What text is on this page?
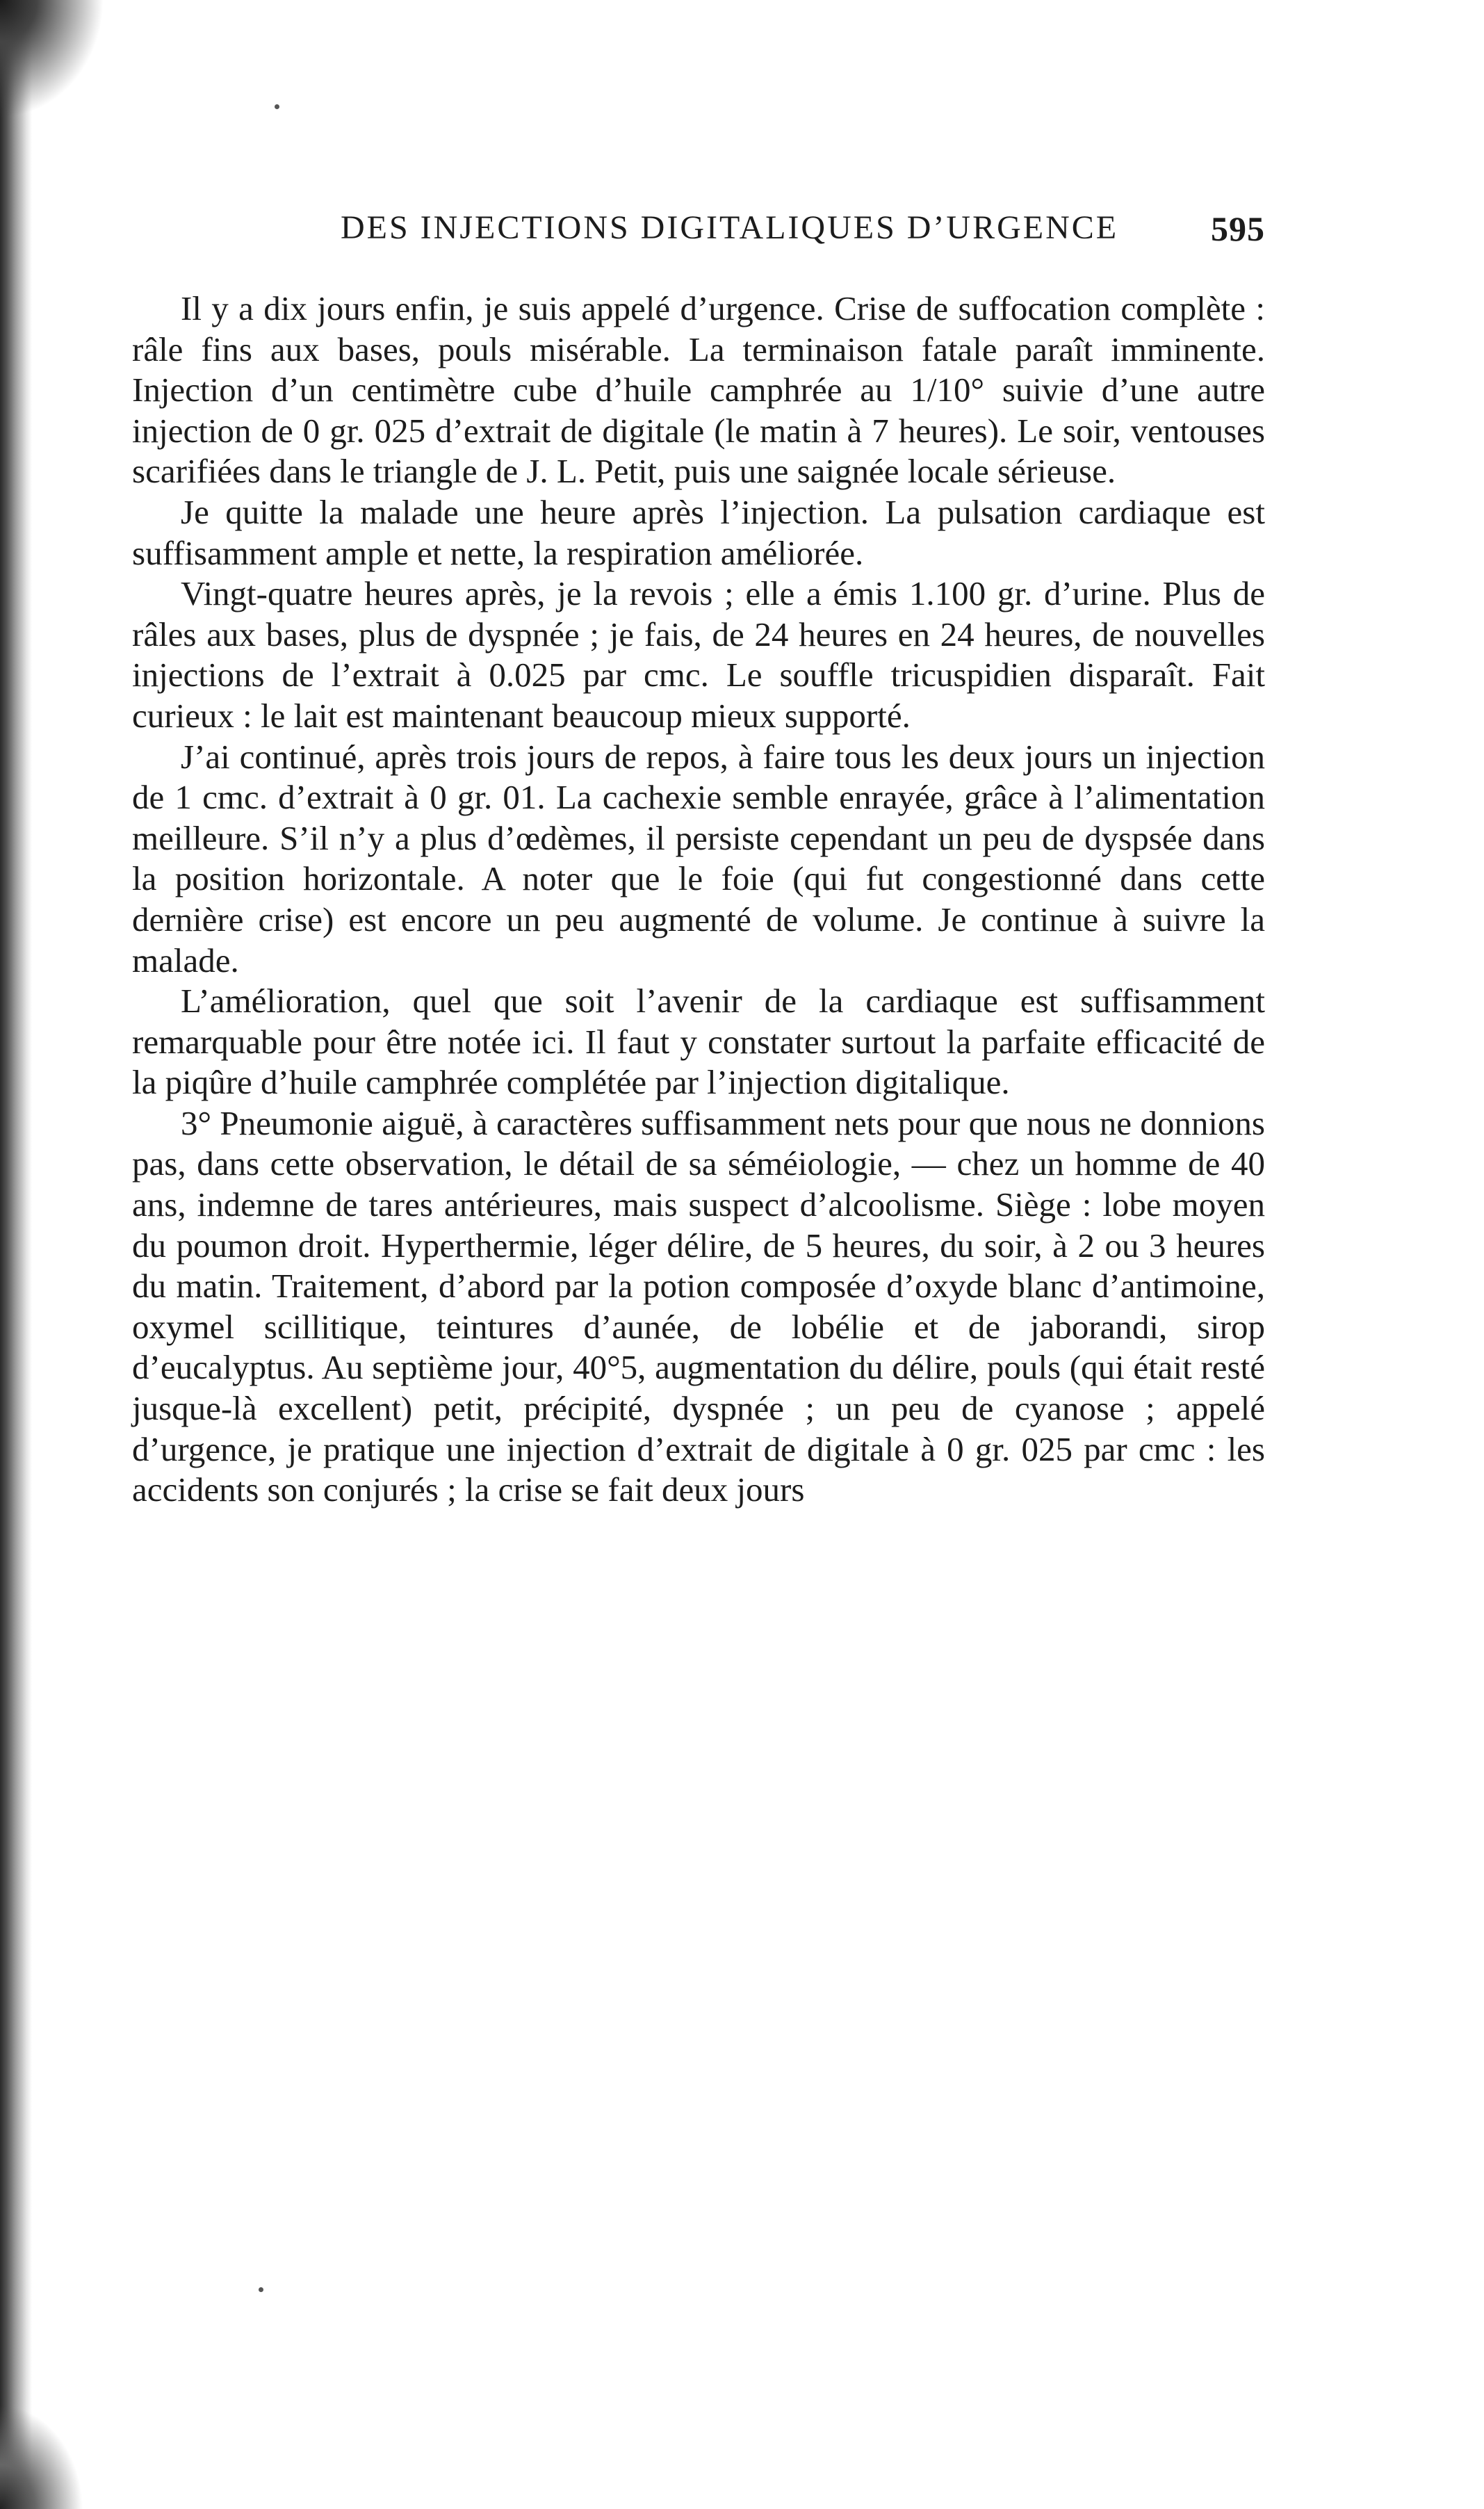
DES INJECTIONS DIGITALIQUES D’URGENCE	595

Il y a dix jours enfin, je suis appelé d’urgence. Crise de suffocation complète : râle fins aux bases, pouls misérable. La terminaison fatale paraît imminente. Injection d’un centimètre cube d’huile camphrée au 1/10° suivie d’une autre injection de 0 gr. 025 d’extrait de digitale (le matin à 7 heures). Le soir, ventouses scarifiées dans le triangle de J. L. Petit, puis une saignée locale sérieuse.

Je quitte la malade une heure après l’injection. La pulsation cardiaque est suffisamment ample et nette, la respiration améliorée.

Vingt-quatre heures après, je la revois ; elle a émis 1.100 gr. d’urine. Plus de râles aux bases, plus de dyspnée ; je fais, de 24 heures en 24 heures, de nouvelles injections de l’extrait à 0.025 par cmc. Le souffle tricuspidien disparaît. Fait curieux : le lait est maintenant beaucoup mieux supporté.

J’ai continué, après trois jours de repos, à faire tous les deux jours un injection de 1 cmc. d’extrait à 0 gr. 01. La cachexie semble enrayée, grâce à l’alimentation meilleure. S’il n’y a plus d’œdèmes, il persiste cependant un peu de dyspsée dans la position horizontale. A noter que le foie (qui fut congestionné dans cette dernière crise) est encore un peu augmenté de volume. Je continue à suivre la malade.

L’amélioration, quel que soit l’avenir de la cardiaque est suffisamment remarquable pour être notée ici. Il faut y constater surtout la parfaite efficacité de la piqûre d’huile camphrée complétée par l’injection digitalique.

3° Pneumonie aiguë, à caractères suffisamment nets pour que nous ne donnions pas, dans cette observation, le détail de sa séméiologie, — chez un homme de 40 ans, indemne de tares antérieures, mais suspect d’alcoolisme. Siège : lobe moyen du poumon droit. Hyperthermie, léger délire, de 5 heures, du soir, à 2 ou 3 heures du matin. Traitement, d’abord par la potion composée d’oxyde blanc d’antimoine, oxymel scillitique, teintures d’aunée, de lobélie et de jaborandi, sirop d’eucalyptus. Au septième jour, 40°5, augmentation du délire, pouls (qui était resté jusque-là excellent) petit, précipité, dyspnée ; un peu de cyanose ; appelé d’urgence, je pratique une injection d’extrait de digitale à 0 gr. 025 par cmc : les accidents son conjurés ; la crise se fait deux jours
